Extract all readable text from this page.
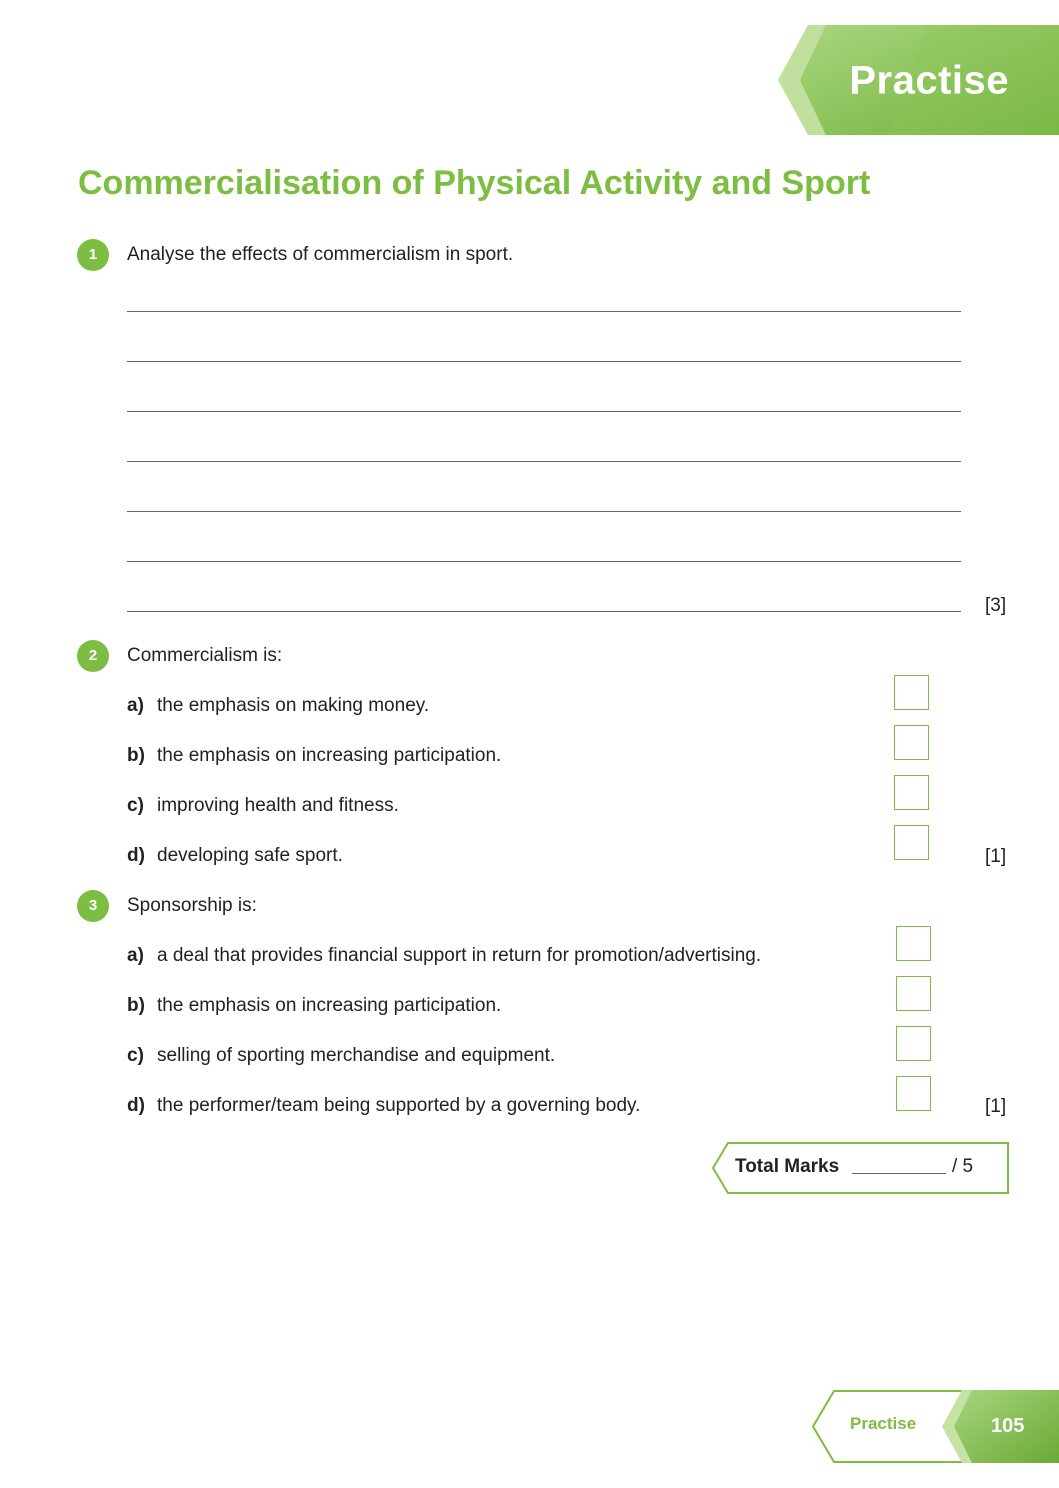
Practise
Commercialisation of Physical Activity and Sport
1	Analyse the effects of commercialism in sport.
[3]
2	Commercialism is:
a) the emphasis on making money.
b) the emphasis on increasing participation.
c) improving health and fitness.
d) developing safe sport.	[1]
3	Sponsorship is:
a) a deal that provides financial support in return for promotion/advertising.
b) the emphasis on increasing participation.
c) selling of sporting merchandise and equipment.
d) the performer/team being supported by a governing body.	[1]
Total Marks	/ 5
Practise	105
